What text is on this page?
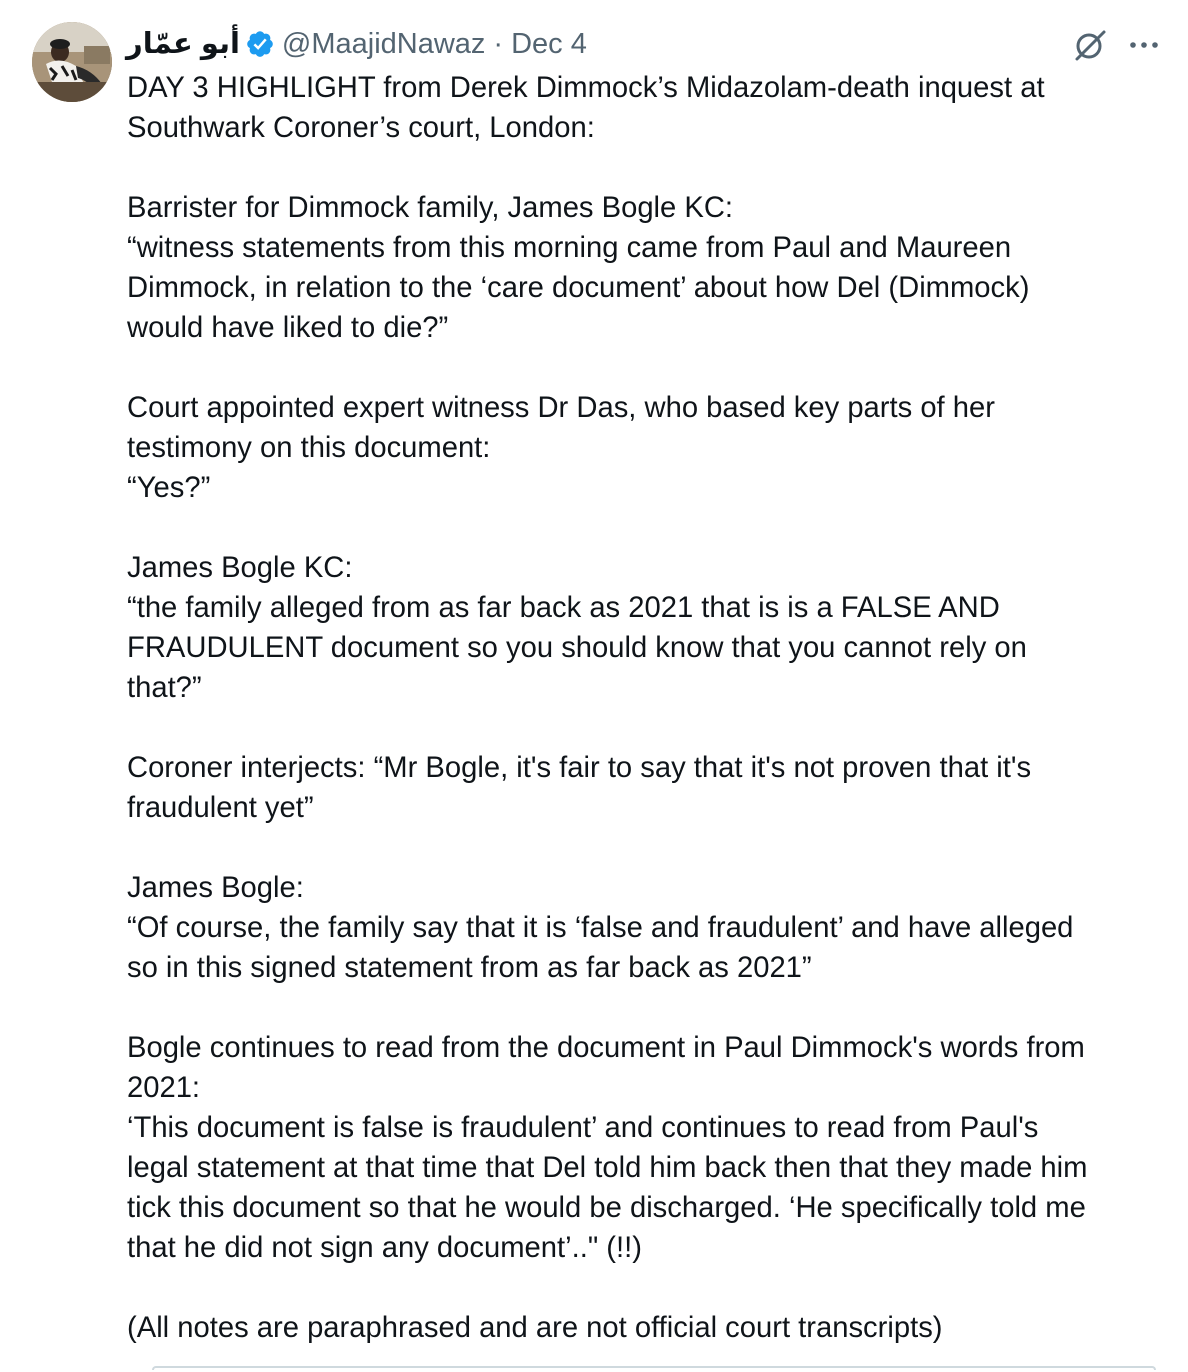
أبو عمّار @MaajidNawaz · Dec 4
DAY 3 HIGHLIGHT from Derek Dimmock’s Midazolam-death inquest at
Southwark Coroner’s court, London:
Barrister for Dimmock family, James Bogle KC:
“witness statements from this morning came from Paul and Maureen
Dimmock, in relation to the ‘care document’ about how Del (Dimmock)
would have liked to die?”
Court appointed expert witness Dr Das, who based key parts of her
testimony on this document:
“Yes?”
James Bogle KC:
“the family alleged from as far back as 2021 that is is a FALSE AND
FRAUDULENT document so you should know that you cannot rely on
that?”
Coroner interjects: “Mr Bogle, it's fair to say that it's not proven that it's
fraudulent yet”
James Bogle:
“Of course, the family say that it is ‘false and fraudulent’ and have alleged
so in this signed statement from as far back as 2021”
Bogle continues to read from the document in Paul Dimmock's words from
2021:
‘This document is false is fraudulent’ and continues to read from Paul's
legal statement at that time that Del told him back then that they made him
tick this document so that he would be discharged. ‘He specifically told me
that he did not sign any document’.." (!!)
(All notes are paraphrased and are not official court transcripts)
